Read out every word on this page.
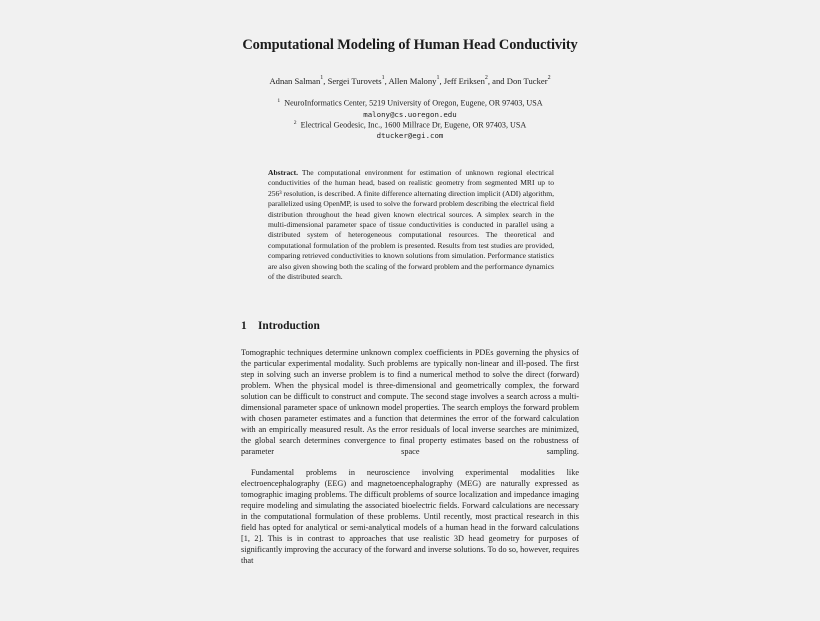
Computational Modeling of Human Head Conductivity
Adnan Salman$^1$, Sergei Turovets$^1$, Allen Malony$^1$, Jeff Eriksen$^2$, and Don Tucker$^2$
$^1$ NeuroInformatics Center, 5219 University of Oregon, Eugene, OR 97403, USA
malony@cs.uoregon.edu
$^2$ Electrical Geodesic, Inc., 1600 Millrace Dr, Eugene, OR 97403, USA
dtucker@egi.com
Abstract. The computational environment for estimation of unknown regional electrical conductivities of the human head, based on realistic geometry from segmented MRI up to 256³ resolution, is described. A finite difference alternating direction implicit (ADI) algorithm, parallelized using OpenMP, is used to solve the forward problem describing the electrical field distribution throughout the head given known electrical sources. A simplex search in the multi-dimensional parameter space of tissue conductivities is conducted in parallel using a distributed system of heterogeneous computational resources. The theoretical and computational formulation of the problem is presented. Results from test studies are provided, comparing retrieved conductivities to known solutions from simulation. Performance statistics are also given showing both the scaling of the forward problem and the performance dynamics of the distributed search.
1 Introduction
Tomographic techniques determine unknown complex coefficients in PDEs governing the physics of the particular experimental modality. Such problems are typically non-linear and ill-posed. The first step in solving such an inverse problem is to find a numerical method to solve the direct (forward) problem. When the physical model is three-dimensional and geometrically complex, the forward solution can be difficult to construct and compute. The second stage involves a search across a multi-dimensional parameter space of unknown model properties. The search employs the forward problem with chosen parameter estimates and a function that determines the error of the forward calculation with an empirically measured result. As the error residuals of local inverse searches are minimized, the global search determines convergence to final property estimates based on the robustness of parameter space sampling.
Fundamental problems in neuroscience involving experimental modalities like electroencephalography (EEG) and magnetoencephalography (MEG) are naturally expressed as tomographic imaging problems. The difficult problems of source localization and impedance imaging require modeling and simulating the associated bioelectric fields. Forward calculations are necessary in the computational formulation of these problems. Until recently, most practical research in this field has opted for analytical or semi-analytical models of a human head in the forward calculations [1, 2]. This is in contrast to approaches that use realistic 3D head geometry for purposes of significantly improving the accuracy of the forward and inverse solutions. To do so, however, requires that
